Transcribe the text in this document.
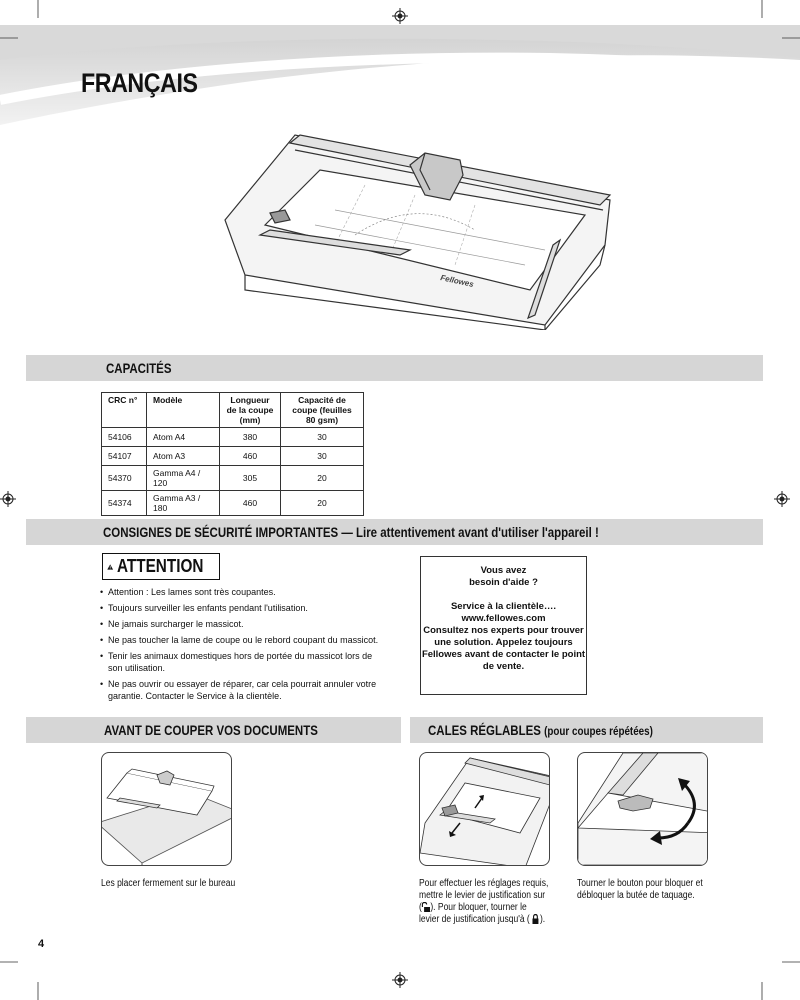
FRANÇAIS
Fellowes
CAPACITÉS
CRC n°	Modèle	Longueur de la coupe (mm)	Capacité de coupe (feuilles 80 gsm)
54106	Atom A4	380	30
54107	Atom A3	460	30
54370	Gamma A4 / 120	305	20
54374	Gamma A3 / 180	460	20
CONSIGNES DE SÉCURITÉ IMPORTANTES — Lire attentivement avant d'utiliser l'appareil !
ATTENTION
• Attention : Les lames sont très coupantes.
• Toujours surveiller les enfants pendant l'utilisation.
• Ne jamais surcharger le massicot.
• Ne pas toucher la lame de coupe ou le rebord coupant du massicot.
• Tenir les animaux domestiques hors de portée du massicot lors de son utilisation.
• Ne pas ouvrir ou essayer de réparer, car cela pourrait annuler votre garantie. Contacter le Service à la clientèle.
Vous avez
besoin d'aide ?
Service à la clientèle….
www.fellowes.com
Consultez nos experts pour trouver
une solution. Appelez toujours
Fellowes avant de contacter le point
de vente.
AVANT DE COUPER VOS DOCUMENTS	CALES RÉGLABLES (pour coupes répétées)
Les placer fermement sur le bureau	Pour effectuer les réglages requis,
mettre le levier de justification sur
( ). Pour bloquer, tourner le
levier de justification jusqu'à ( ).
Tourner le bouton pour bloquer et
débloquer la butée de taquage.
4
